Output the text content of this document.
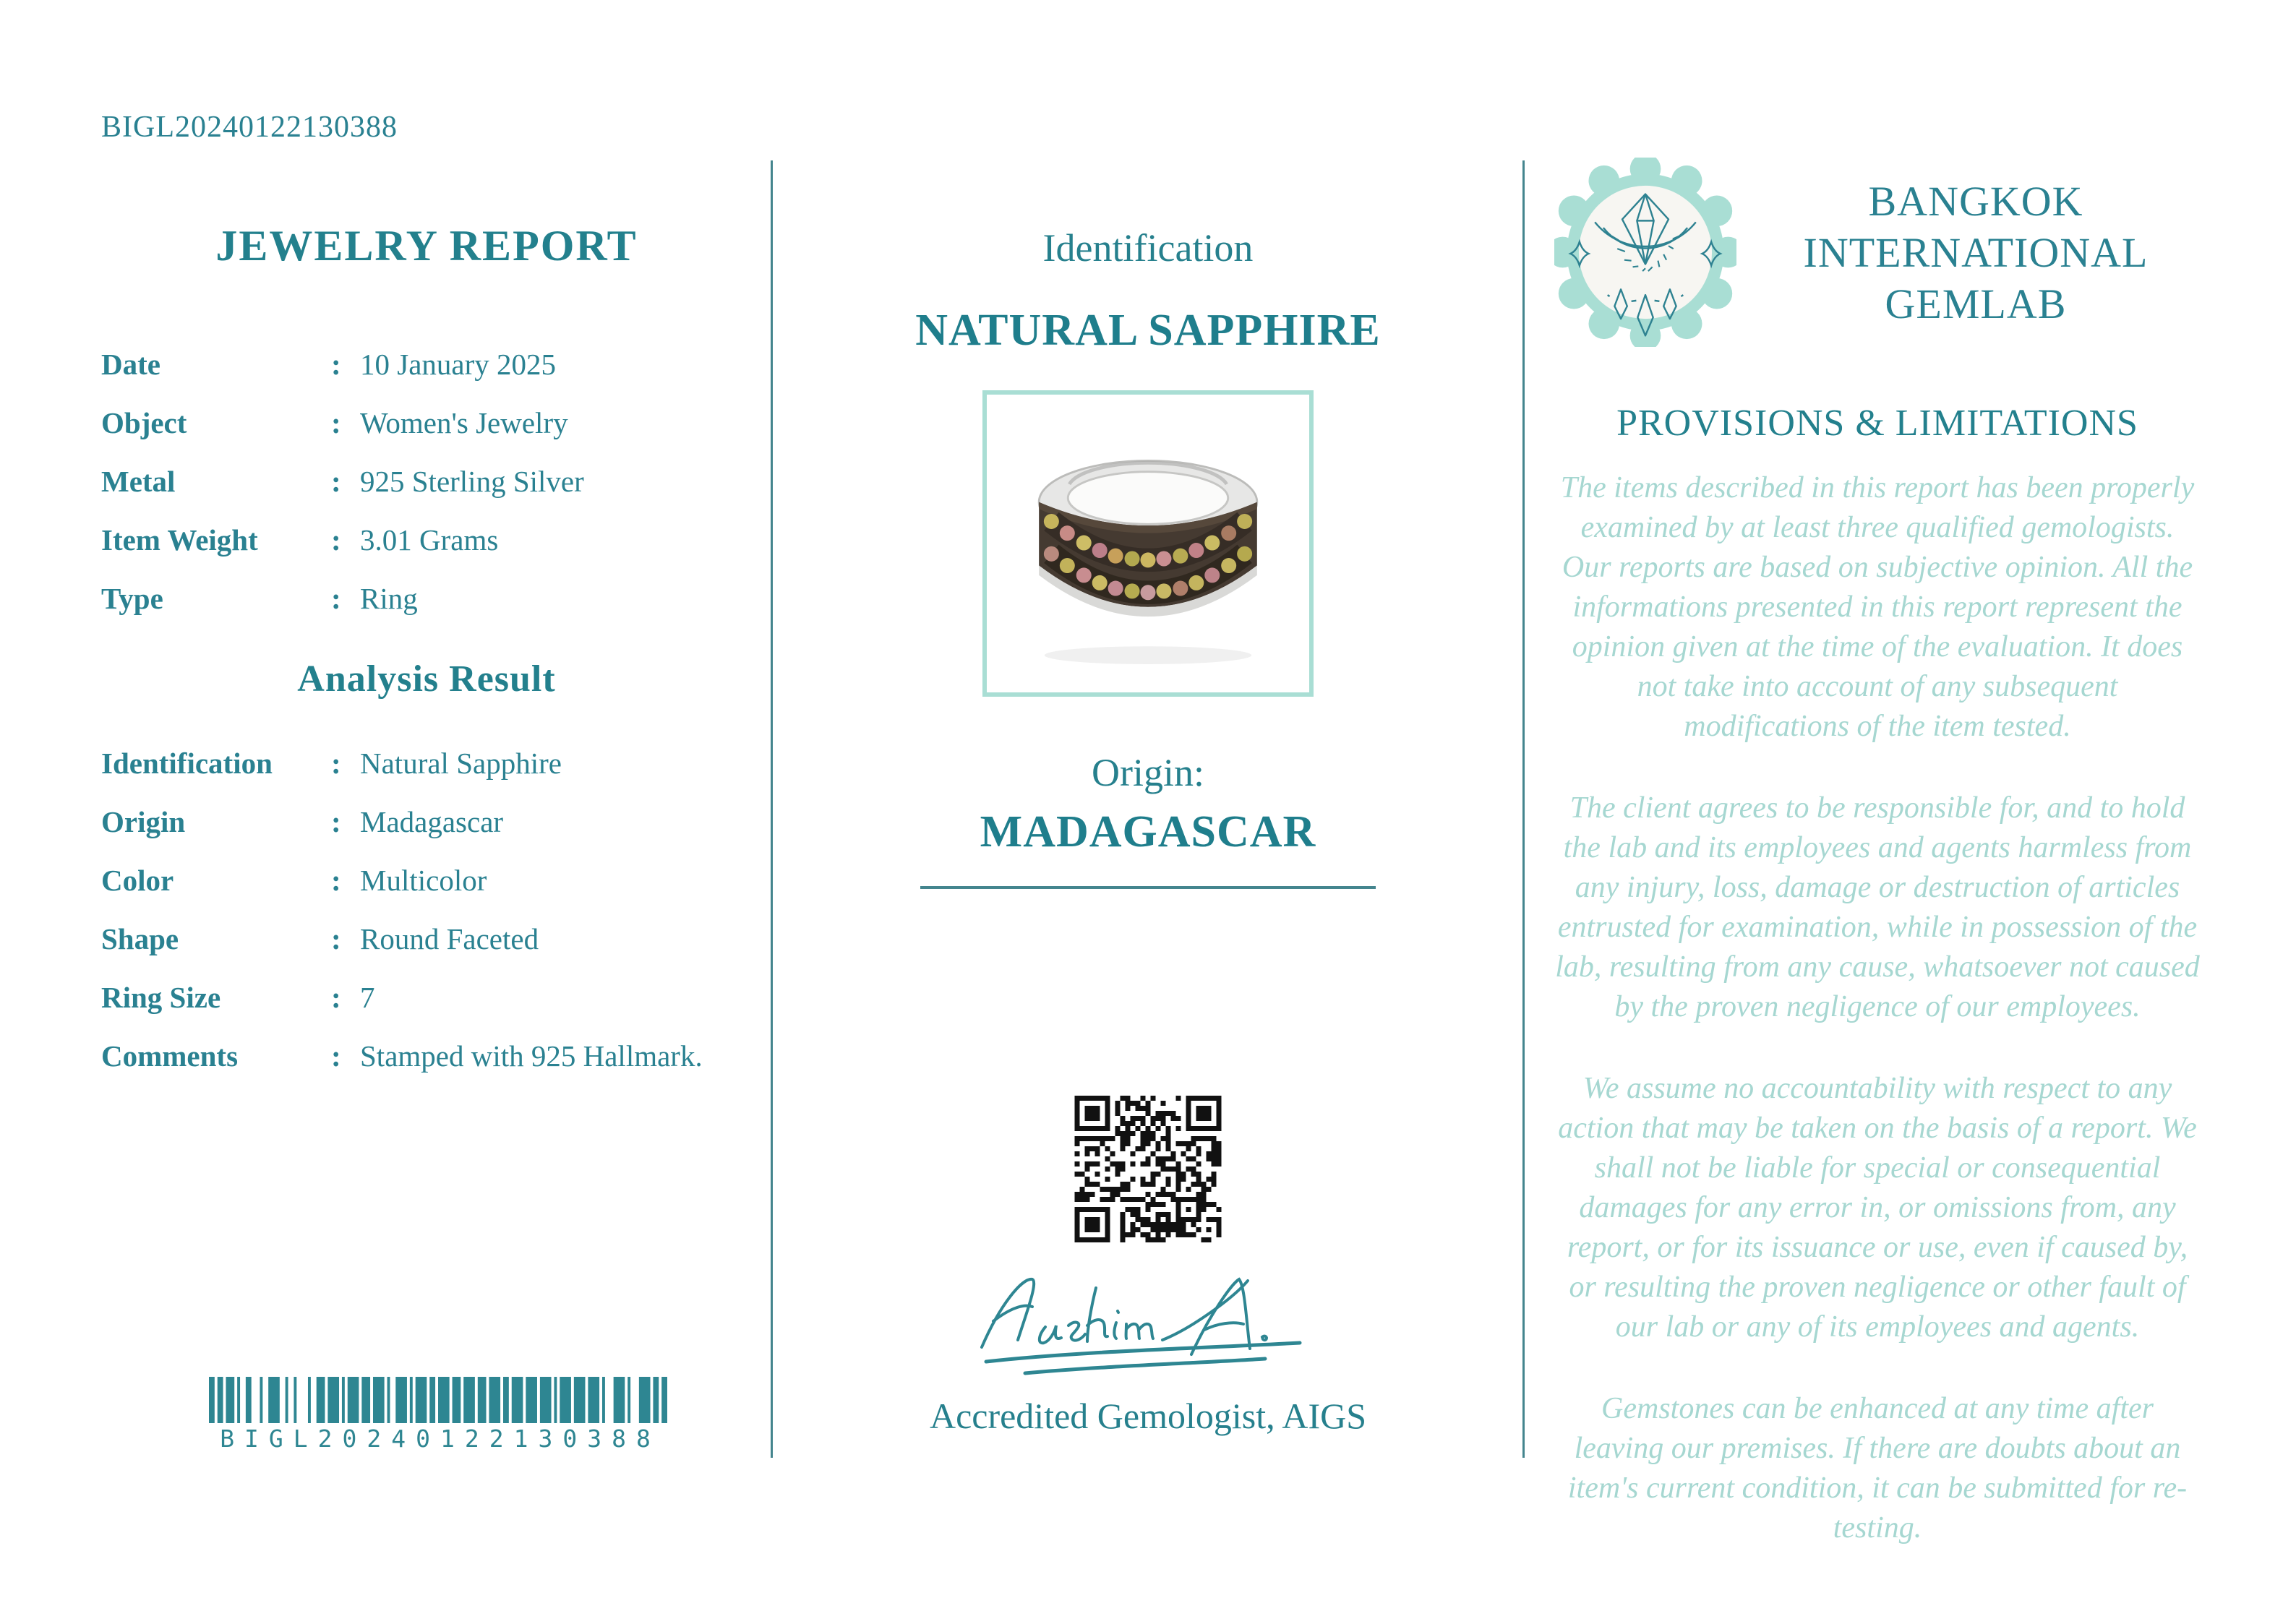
BIGL20240122130388
JEWELRY REPORT
Date	: 10 January 2025
Object	: Women's Jewelry
Metal	: 925 Sterling Silver
Item Weight	: 3.01 Grams
Type	: Ring
Analysis Result
Identification	: Natural Sapphire
Origin	: Madagascar
Color	: Multicolor
Shape	: Round Faceted
Ring Size	: 7
Comments	: Stamped with 925 Hallmark.
BIGL20240122130388
Identification
NATURAL SAPPHIRE
Origin:
MADAGASCAR
Accredited Gemologist, AIGS
BANGKOK INTERNATIONAL GEMLAB
PROVISIONS & LIMITATIONS

The items described in this report has been properly examined by at least three qualified gemologists. Our reports are based on subjective opinion. All the informations presented in this report represent the opinion given at the time of the evaluation. It does not take into account of any subsequent modifications of the item tested.

The client agrees to be responsible for, and to hold the lab and its employees and agents harmless from any injury, loss, damage or destruction of articles entrusted for examination, while in possession of the lab, resulting from any cause, whatsoever not caused by the proven negligence of our employees.

We assume no accountability with respect to any action that may be taken on the basis of a report. We shall not be liable for special or consequential damages for any error in, or omissions from, any report, or for its issuance or use, even if caused by, or resulting the proven negligence or other fault of our lab or any of its employees and agents.

Gemstones can be enhanced at any time after leaving our premises. If there are doubts about an item's current condition, it can be submitted for re-testing.
